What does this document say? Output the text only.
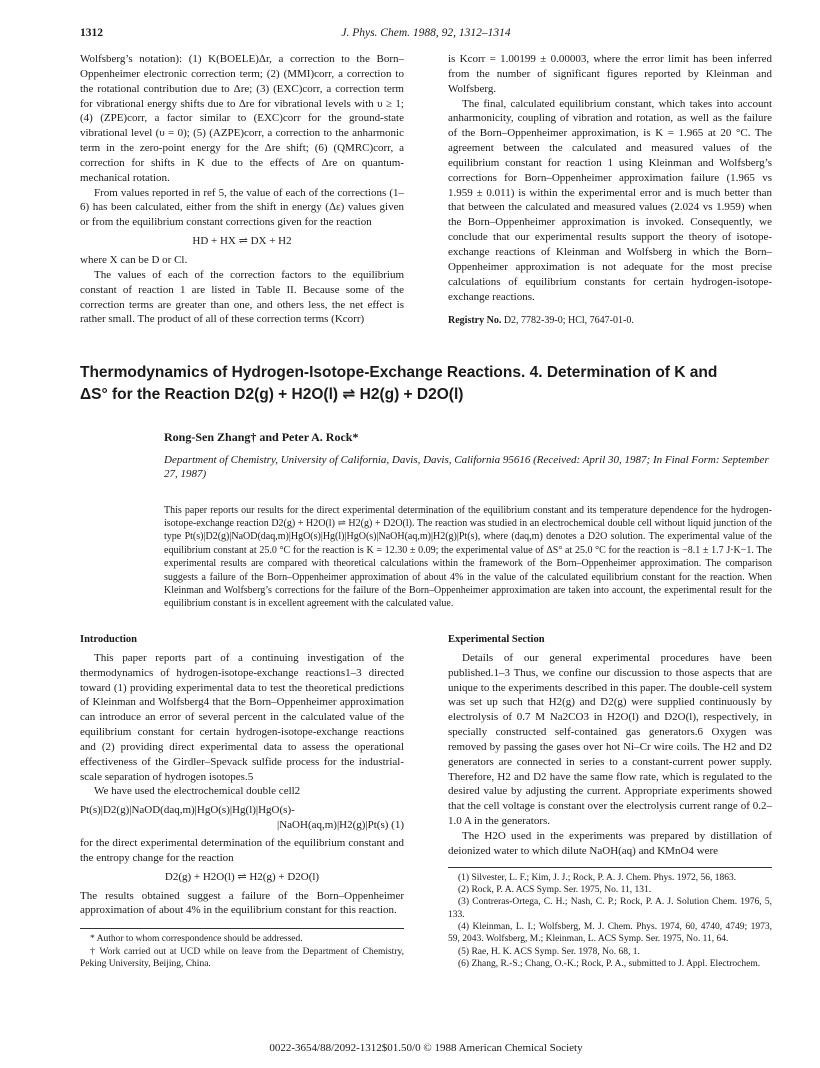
1312	J. Phys. Chem. 1988, 92, 1312–1314

Wolfsberg’s notation): (1) K(BOELE)Δr, a correction to the Born–Oppenheimer electronic correction term; (2) (MMI)corr, a correction to the rotational contribution due to Δre; (3) (EXC)corr, a correction term for vibrational energy shifts due to Δre for vibrational levels with υ ≥ 1; (4) (ZPE)corr, a factor similar to (EXC)corr for the ground-state vibrational level (υ = 0); (5) (AZPE)corr, a correction to the anharmonic term in the zero-point energy for the Δre shift; (6) (QMRC)corr, a correction for shifts in K due to the effects of Δre on quantum-mechanical rotation.

From values reported in ref 5, the value of each of the corrections (1–6) has been calculated, either from the shift in energy (Δε) values given or from the equilibrium constant corrections given for the reaction

HD + HX ⇌ DX + H2

where X can be D or Cl.

The values of each of the correction factors to the equilibrium constant of reaction 1 are listed in Table II. Because some of the correction terms are greater than one, and others less, the net effect is rather small. The product of all of these correction terms (Kcorr)

is Kcorr = 1.00199 ± 0.00003, where the error limit has been inferred from the number of significant figures reported by Kleinman and Wolfsberg.

The final, calculated equilibrium constant, which takes into account anharmonicity, coupling of vibration and rotation, as well as the failure of the Born–Oppenheimer approximation, is K = 1.965 at 20 °C. The agreement between the calculated and measured values of the equilibrium constant for reaction 1 using Kleinman and Wolfsberg’s corrections for Born–Oppenheimer approximation failure (1.965 vs 1.959 ± 0.011) is within the experimental error and is much better than that between the calculated and measured values (2.024 vs 1.959) when the Born–Oppenheimer approximation is invoked. Consequently, we conclude that our experimental results support the theory of isotope-exchange reactions of Kleinman and Wolfsberg in which the Born–Oppenheimer approximation is not adequate for the most precise calculations of equilibrium constants for certain hydrogen-isotope-exchange reactions.

Registry No. D2, 7782-39-0; HCl, 7647-01-0.

Thermodynamics of Hydrogen-Isotope-Exchange Reactions. 4. Determination of K and
ΔS° for the Reaction D2(g) + H2O(l) ⇌ H2(g) + D2O(l)
Rong-Sen Zhang† and Peter A. Rock*
Department of Chemistry, University of California, Davis, Davis, California 95616 (Received: April 30, 1987; In Final Form: September 27, 1987)

This paper reports our results for the direct experimental determination of the equilibrium constant and its temperature dependence for the hydrogen-isotope-exchange reaction D2(g) + H2O(l) ⇌ H2(g) + D2O(l). The reaction was studied in an electrochemical double cell without liquid junction of the type Pt(s)|D2(g)|NaOD(daq,m)|HgO(s)|Hg(l)|HgO(s)|NaOH(aq,m)|H2(g)|Pt(s), where (daq,m) denotes a D2O solution. The experimental value of the equilibrium constant at 25.0 °C for the reaction is K = 12.30 ± 0.09; the experimental value of ΔS° at 25.0 °C for the reaction is −8.1 ± 1.7 J·K−1. The experimental results are compared with theoretical calculations within the framework of the Born–Oppenheimer approximation. The comparison suggests a failure of the Born–Oppenheimer approximation of about 4% in the value of the calculated equilibrium constant for the reaction. When Kleinman and Wolfsberg’s corrections for the failure of the Born–Oppenheimer approximation are taken into account, the experimental result for the equilibrium constant is in excellent agreement with the calculated value.

Introduction

This paper reports part of a continuing investigation of the thermodynamics of hydrogen-isotope-exchange reactions1–3 directed toward (1) providing experimental data to test the theoretical predictions of Kleinman and Wolfsberg4 that the Born–Oppenheimer approximation can introduce an error of several percent in the calculated value of the equilibrium constant for certain hydrogen-isotope-exchange reactions and (2) providing direct experimental data to assess the operational effectiveness of the Girdler–Spevack sulfide process for the industrial-scale separation of hydrogen isotopes.5

We have used the electrochemical double cell2

Pt(s)|D2(g)|NaOD(daq,m)|HgO(s)|Hg(l)|HgO(s)-
|NaOH(aq,m)|H2(g)|Pt(s) (1)

for the direct experimental determination of the equilibrium constant and the entropy change for the reaction

D2(g) + H2O(l) ⇌ H2(g) + D2O(l)

The results obtained suggest a failure of the Born–Oppenheimer approximation of about 4% in the equilibrium constant for this reaction.

* Author to whom correspondence should be addressed.

† Work carried out at UCD while on leave from the Department of Chemistry, Peking University, Beijing, China.

Experimental Section

Details of our general experimental procedures have been published.1–3 Thus, we confine our discussion to those aspects that are unique to the experiments described in this paper. The double-cell system was set up such that H2(g) and D2(g) were supplied continuously by electrolysis of 0.7 M Na2CO3 in H2O(l) and D2O(l), respectively, in specially constructed self-contained gas generators.6 Oxygen was removed by passing the gases over hot Ni–Cr wire coils. The H2 and D2 generators are connected in series to a constant-current power supply. Therefore, H2 and D2 have the same flow rate, which is regulated to the desired value by adjusting the current. Appropriate experiments showed that the cell voltage is constant over the electrolysis current range of 0.2–1.0 A in the generators.

The H2O used in the experiments was prepared by distillation of deionized water to which dilute NaOH(aq) and KMnO4 were

(1) Silvester, L. F.; Kim, J. J.; Rock, P. A. J. Chem. Phys. 1972, 56, 1863.

(2) Rock, P. A. ACS Symp. Ser. 1975, No. 11, 131.

(3) Contreras-Ortega, C. H.; Nash, C. P.; Rock, P. A. J. Solution Chem. 1976, 5, 133.

(4) Kleinman, L. I.; Wolfsberg, M. J. Chem. Phys. 1974, 60, 4740, 4749; 1973, 59, 2043. Wolfsberg, M.; Kleinman, L. ACS Symp. Ser. 1975, No. 11, 64.

(5) Rae, H. K. ACS Symp. Ser. 1978, No. 68, 1.

(6) Zhang, R.-S.; Chang, O.-K.; Rock, P. A., submitted to J. Appl. Electrochem.

0022-3654/88/2092-1312$01.50/0 © 1988 American Chemical Society
